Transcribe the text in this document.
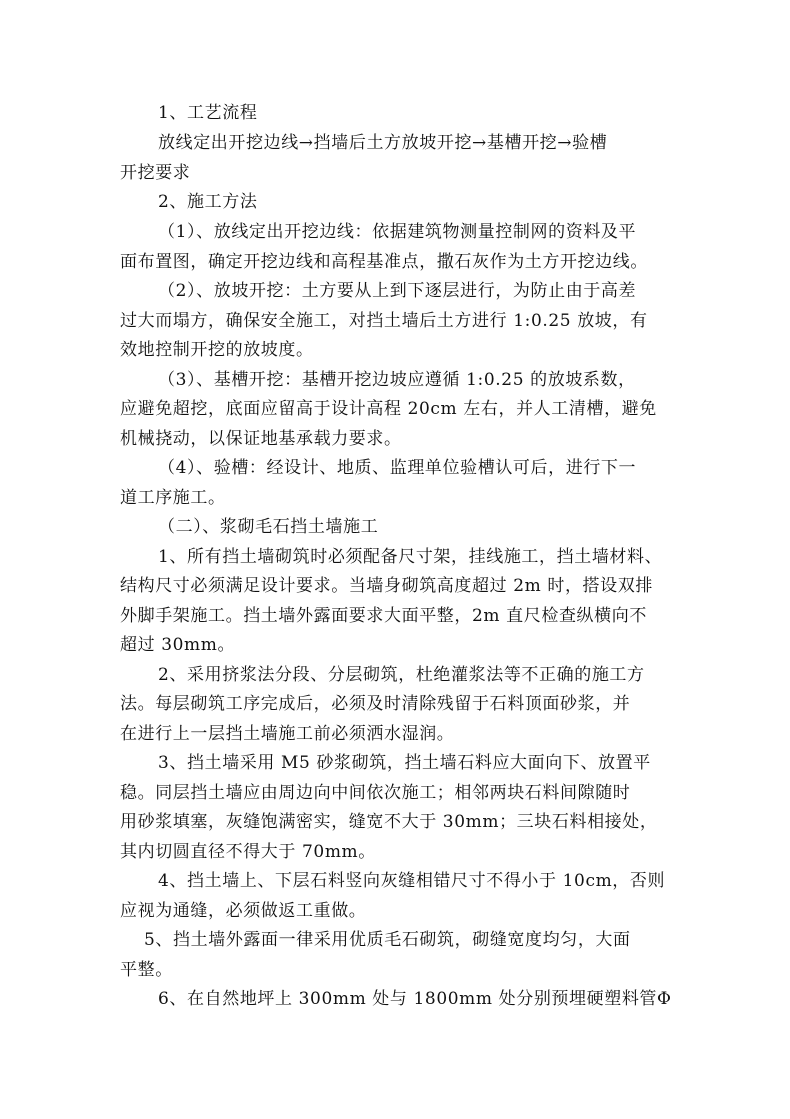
1、工艺流程
放线定出开挖边线→挡墙后土方放坡开挖→基槽开挖→验槽
开挖要求
2、施工方法
（1）、放线定出开挖边线：依据建筑物测量控制网的资料及平
面布置图，确定开挖边线和高程基准点，撒石灰作为土方开挖边线。
（2）、放坡开挖：土方要从上到下逐层进行，为防止由于高差
过大而塌方，确保安全施工，对挡土墙后土方进行 1:0.25 放坡，有
效地控制开挖的放坡度。
（3）、基槽开挖：基槽开挖边坡应遵循 1:0.25 的放坡系数，
应避免超挖，底面应留高于设计高程 20cm 左右，并人工清槽，避免
机械挠动，以保证地基承载力要求。
（4）、验槽：经设计、地质、监理单位验槽认可后，进行下一
道工序施工。
（二）、浆砌毛石挡土墙施工
1、所有挡土墙砌筑时必须配备尺寸架，挂线施工，挡土墙材料、
结构尺寸必须满足设计要求。当墙身砌筑高度超过 2m 时，搭设双排
外脚手架施工。挡土墙外露面要求大面平整，2m 直尺检查纵横向不
超过 30mm。
2、采用挤浆法分段、分层砌筑，杜绝灌浆法等不正确的施工方
法。每层砌筑工序完成后，必须及时清除残留于石料顶面砂浆，并
在进行上一层挡土墙施工前必须洒水湿润。
3、挡土墙采用 M5 砂浆砌筑，挡土墙石料应大面向下、放置平
稳。同层挡土墙应由周边向中间依次施工；相邻两块石料间隙随时
用砂浆填塞，灰缝饱满密实，缝宽不大于 30mm；三块石料相接处，
其内切圆直径不得大于 70mm。
4、挡土墙上、下层石料竖向灰缝相错尺寸不得小于 10cm，否则
应视为通缝，必须做返工重做。
5、挡土墙外露面一律采用优质毛石砌筑，砌缝宽度均匀，大面
平整。
6、在自然地坪上 300mm 处与 1800mm 处分别预埋硬塑料管Φ
